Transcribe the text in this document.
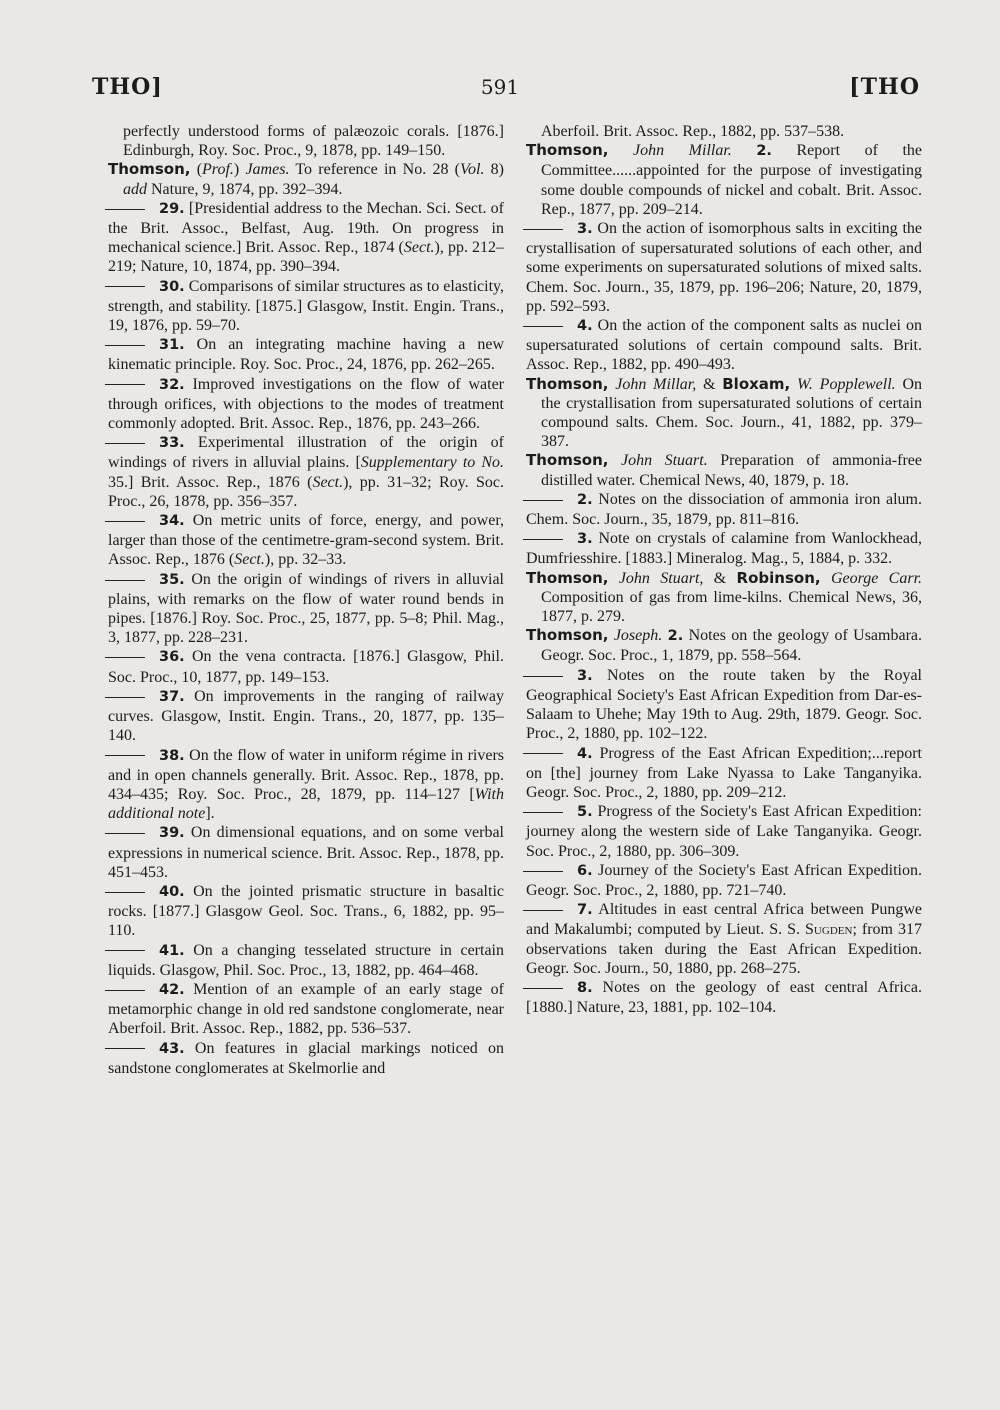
THO]	591	[THO

perfectly understood forms of palæozoic corals. [1876.] Edinburgh, Roy. Soc. Proc., 9, 1878, pp. 149–150.

Thomson, (Prof.) James. To reference in No. 28 (Vol. 8) add Nature, 9, 1874, pp. 392–394.

29. [Presidential address to the Mechan. Sci. Sect. of the Brit. Assoc., Belfast, Aug. 19th. On progress in mechanical science.] Brit. Assoc. Rep., 1874 (Sect.), pp. 212–219; Nature, 10, 1874, pp. 390–394.

30. Comparisons of similar structures as to elasticity, strength, and stability. [1875.] Glasgow, Instit. Engin. Trans., 19, 1876, pp. 59–70.

31. On an integrating machine having a new kinematic principle. Roy. Soc. Proc., 24, 1876, pp. 262–265.

32. Improved investigations on the flow of water through orifices, with objections to the modes of treatment commonly adopted. Brit. Assoc. Rep., 1876, pp. 243–266.

33. Experimental illustration of the origin of windings of rivers in alluvial plains. [Supplementary to No. 35.] Brit. Assoc. Rep., 1876 (Sect.), pp. 31–32; Roy. Soc. Proc., 26, 1878, pp. 356–357.

34. On metric units of force, energy, and power, larger than those of the centimetre-gram-second system. Brit. Assoc. Rep., 1876 (Sect.), pp. 32–33.

35. On the origin of windings of rivers in alluvial plains, with remarks on the flow of water round bends in pipes. [1876.] Roy. Soc. Proc., 25, 1877, pp. 5–8; Phil. Mag., 3, 1877, pp. 228–231.

36. On the vena contracta. [1876.] Glasgow, Phil. Soc. Proc., 10, 1877, pp. 149–153.

37. On improvements in the ranging of railway curves. Glasgow, Instit. Engin. Trans., 20, 1877, pp. 135–140.

38. On the flow of water in uniform régime in rivers and in open channels generally. Brit. Assoc. Rep., 1878, pp. 434–435; Roy. Soc. Proc., 28, 1879, pp. 114–127 [With additional note].

39. On dimensional equations, and on some verbal expressions in numerical science. Brit. Assoc. Rep., 1878, pp. 451–453.

40. On the jointed prismatic structure in basaltic rocks. [1877.] Glasgow Geol. Soc. Trans., 6, 1882, pp. 95–110.

41. On a changing tesselated structure in certain liquids. Glasgow, Phil. Soc. Proc., 13, 1882, pp. 464–468.

42. Mention of an example of an early stage of metamorphic change in old red sandstone conglomerate, near Aberfoil. Brit. Assoc. Rep., 1882, pp. 536–537.

43. On features in glacial markings noticed on sandstone conglomerates at Skelmorlie and

Aberfoil. Brit. Assoc. Rep., 1882, pp. 537–538.

Thomson, John Millar. 2. Report of the Committee......appointed for the purpose of investigating some double compounds of nickel and cobalt. Brit. Assoc. Rep., 1877, pp. 209–214.

3. On the action of isomorphous salts in exciting the crystallisation of supersaturated solutions of each other, and some experiments on supersaturated solutions of mixed salts. Chem. Soc. Journ., 35, 1879, pp. 196–206; Nature, 20, 1879, pp. 592–593.

4. On the action of the component salts as nuclei on supersaturated solutions of certain compound salts. Brit. Assoc. Rep., 1882, pp. 490–493.

Thomson, John Millar, & Bloxam, W. Popplewell. On the crystallisation from supersaturated solutions of certain compound salts. Chem. Soc. Journ., 41, 1882, pp. 379–387.

Thomson, John Stuart. Preparation of ammonia-free distilled water. Chemical News, 40, 1879, p. 18.

2. Notes on the dissociation of ammonia iron alum. Chem. Soc. Journ., 35, 1879, pp. 811–816.

3. Note on crystals of calamine from Wanlockhead, Dumfriesshire. [1883.] Mineralog. Mag., 5, 1884, p. 332.

Thomson, John Stuart, & Robinson, George Carr. Composition of gas from lime-kilns. Chemical News, 36, 1877, p. 279.

Thomson, Joseph. 2. Notes on the geology of Usambara. Geogr. Soc. Proc., 1, 1879, pp. 558–564.

3. Notes on the route taken by the Royal Geographical Society's East African Expedition from Dar-es-Salaam to Uhehe; May 19th to Aug. 29th, 1879. Geogr. Soc. Proc., 2, 1880, pp. 102–122.

4. Progress of the East African Expedition;...report on [the] journey from Lake Nyassa to Lake Tanganyika. Geogr. Soc. Proc., 2, 1880, pp. 209–212.

5. Progress of the Society's East African Expedition: journey along the western side of Lake Tanganyika. Geogr. Soc. Proc., 2, 1880, pp. 306–309.

6. Journey of the Society's East African Expedition. Geogr. Soc. Proc., 2, 1880, pp. 721–740.

7. Altitudes in east central Africa between Pungwe and Makalumbi; computed by Lieut. S. S. Sugden; from 317 observations taken during the East African Expedition. Geogr. Soc. Journ., 50, 1880, pp. 268–275.

8. Notes on the geology of east central Africa. [1880.] Nature, 23, 1881, pp. 102–104.
